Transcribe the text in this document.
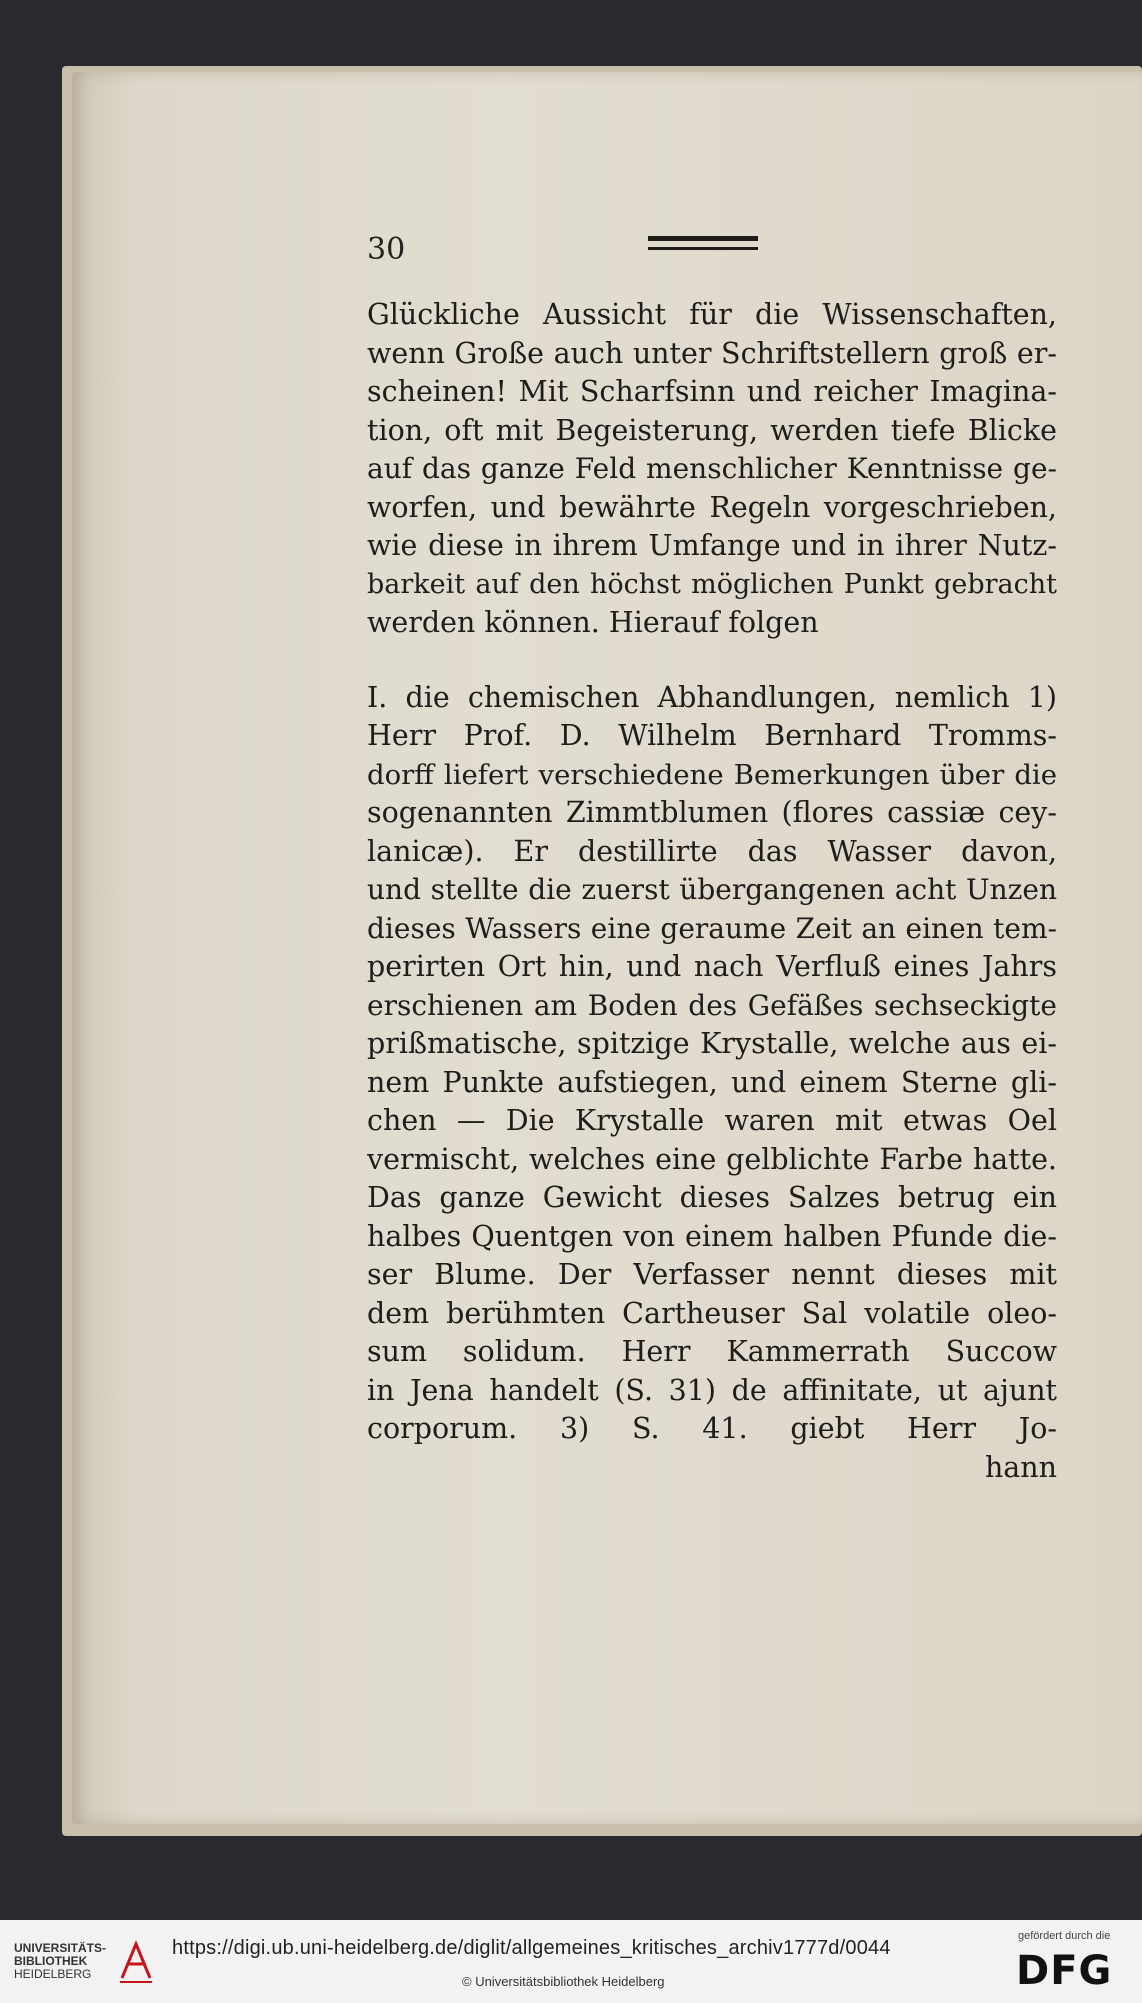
30
Glückliche Aussicht für die Wissenschaften,
wenn Große auch unter Schriftstellern groß er-
scheinen! Mit Scharfsinn und reicher Imagina-
tion, oft mit Begeisterung, werden tiefe Blicke
auf das ganze Feld menschlicher Kenntnisse ge-
worfen, und bewährte Regeln vorgeschrieben,
wie diese in ihrem Umfange und in ihrer Nutz-
barkeit auf den höchst möglichen Punkt gebracht
werden können. Hierauf folgen
I. die chemischen Abhandlungen, nemlich 1)
Herr Prof. D. Wilhelm Bernhard Tromms-
dorff liefert verschiedene Bemerkungen über die
sogenannten Zimmtblumen (flores cassiæ cey-
lanicæ). Er destillirte das Wasser davon,
und stellte die zuerst übergangenen acht Unzen
dieses Wassers eine geraume Zeit an einen tem-
perirten Ort hin, und nach Verfluß eines Jahrs
erschienen am Boden des Gefäßes sechseckigte
prißmatische, spitzige Krystalle, welche aus ei-
nem Punkte aufstiegen, und einem Sterne gli-
chen — Die Krystalle waren mit etwas Oel
vermischt, welches eine gelblichte Farbe hatte.
Das ganze Gewicht dieses Salzes betrug ein
halbes Quentgen von einem halben Pfunde die-
ser Blume. Der Verfasser nennt dieses mit
dem berühmten Cartheuser Sal volatile oleo-
sum solidum. Herr Kammerrath Succow
in Jena handelt (S. 31) de affinitate, ut ajunt
corporum. 3) S. 41. giebt Herr Jo-
hann
UNIVERSITÄTS-
BIBLIOTHEK
HEIDELBERG
https://digi.ub.uni-heidelberg.de/diglit/allgemeines_kritisches_archiv1777d/0044
© Universitätsbibliothek Heidelberg
gefördert durch die
DFG
